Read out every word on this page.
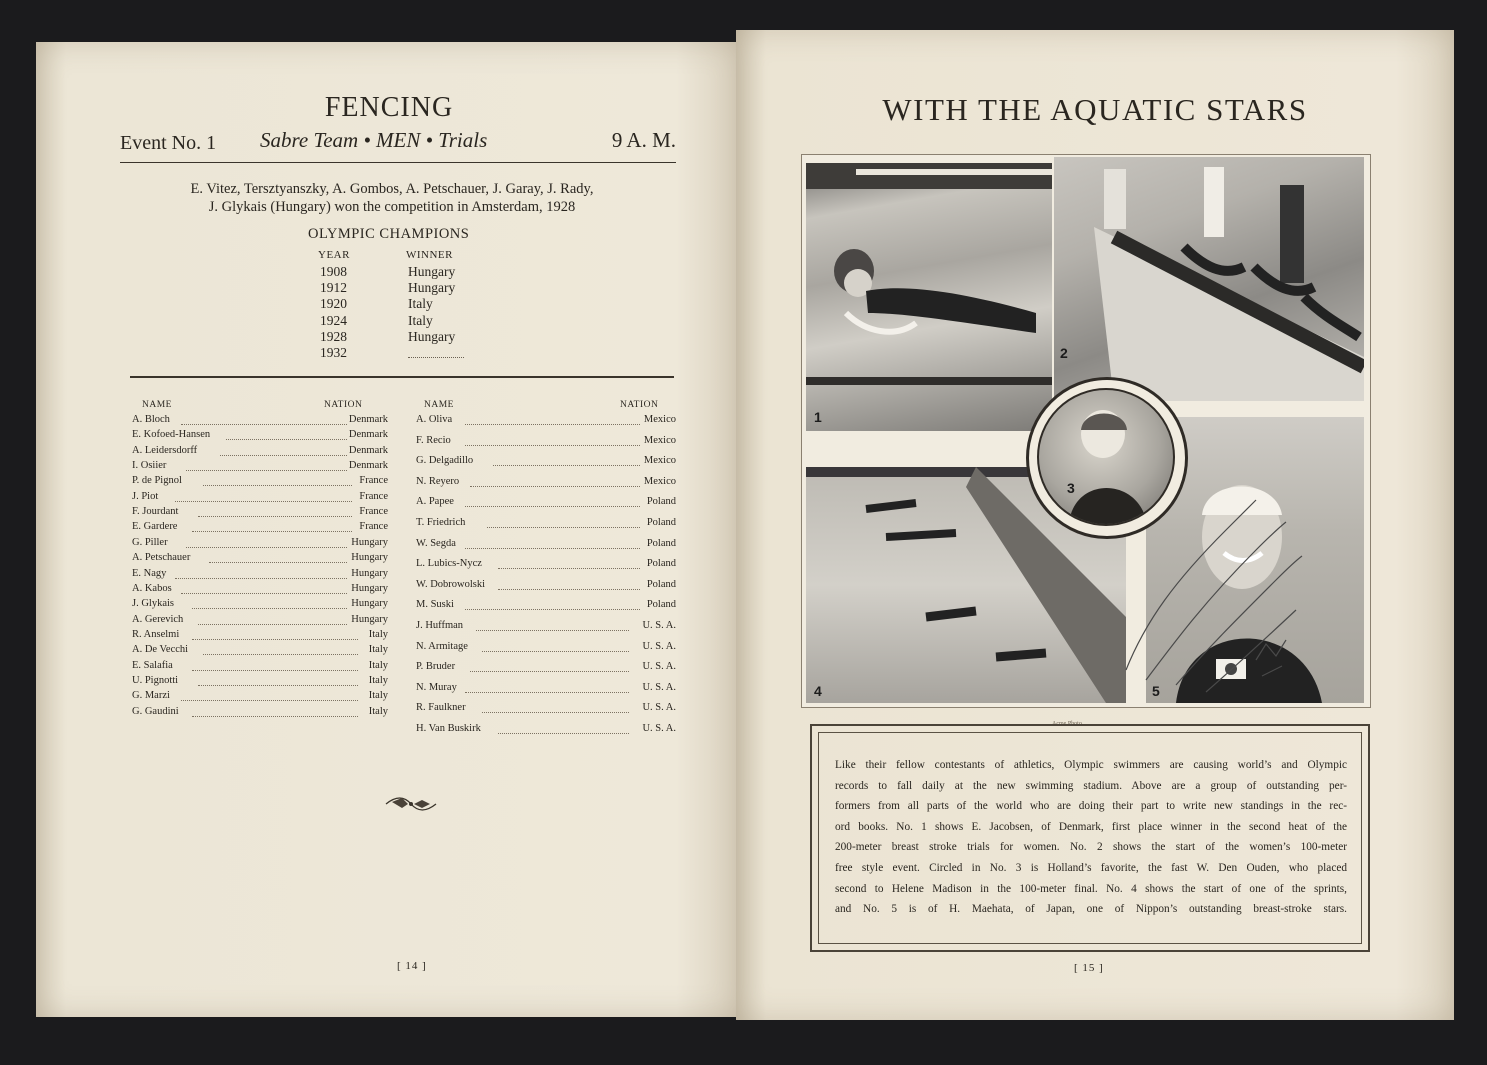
FENCING
Event No. 1 Sabre Team • MEN • Trials	9 A. M.
E. Vitez, Tersztyanszky, A. Gombos, A. Petschauer, J. Garay, J. Rady,
J. Glykais (Hungary) won the competition in Amsterdam, 1928
OLYMPIC CHAMPIONS
YEAR	WINNER
1908	Hungary
1912	Hungary
1920	Italy
1924	Italy
1928	Hungary
1932
NAME	NATION	NAME	NATION
A. Bloch	Denmark
E. Kofoed-Hansen	Denmark
A. Leidersdorff	Denmark
I. Osiier	Denmark
P. de Pignol	France
J. Piot	France
F. Jourdant	France
E. Gardere	France
G. Piller	Hungary
A. Petschauer	Hungary
E. Nagy	Hungary
A. Kabos	Hungary
J. Glykais	Hungary
A. Gerevich	Hungary
R. Anselmi	Italy
A. De Vecchi	Italy
E. Salafia	Italy
U. Pignotti	Italy
G. Marzi	Italy
G. Gaudini	Italy
A. Oliva	Mexico
F. Recio	Mexico
G. Delgadillo	Mexico
N. Reyero	Mexico
A. Papee	Poland
T. Friedrich	Poland
W. Segda	Poland
L. Lubics-Nycz	Poland
W. Dobrowolski	Poland
M. Suski	Poland
J. Huffman	U. S. A.
N. Armitage	U. S. A.
P. Bruder	U. S. A.
N. Muray	U. S. A.
R. Faulkner	U. S. A.
H. Van Buskirk	U. S. A.
[ 14 ]
WITH THE AQUATIC STARS
1
2
4	5
3
Acme Photo
Like their fellow contestants of athletics, Olympic swimmers are causing world’s and Olympic
records to fall daily at the new swimming stadium. Above are a group of outstanding per-
formers from all parts of the world who are doing their part to write new standings in the rec-
ord books. No. 1 shows E. Jacobsen, of Denmark, first place winner in the second heat of the
200-meter breast stroke trials for women. No. 2 shows the start of the women’s 100-meter
free style event. Circled in No. 3 is Holland’s favorite, the fast W. Den Ouden, who placed
second to Helene Madison in the 100-meter final. No. 4 shows the start of one of the sprints,
and No. 5 is of H. Maehata, of Japan, one of Nippon’s outstanding breast-stroke stars.
[ 15 ]
